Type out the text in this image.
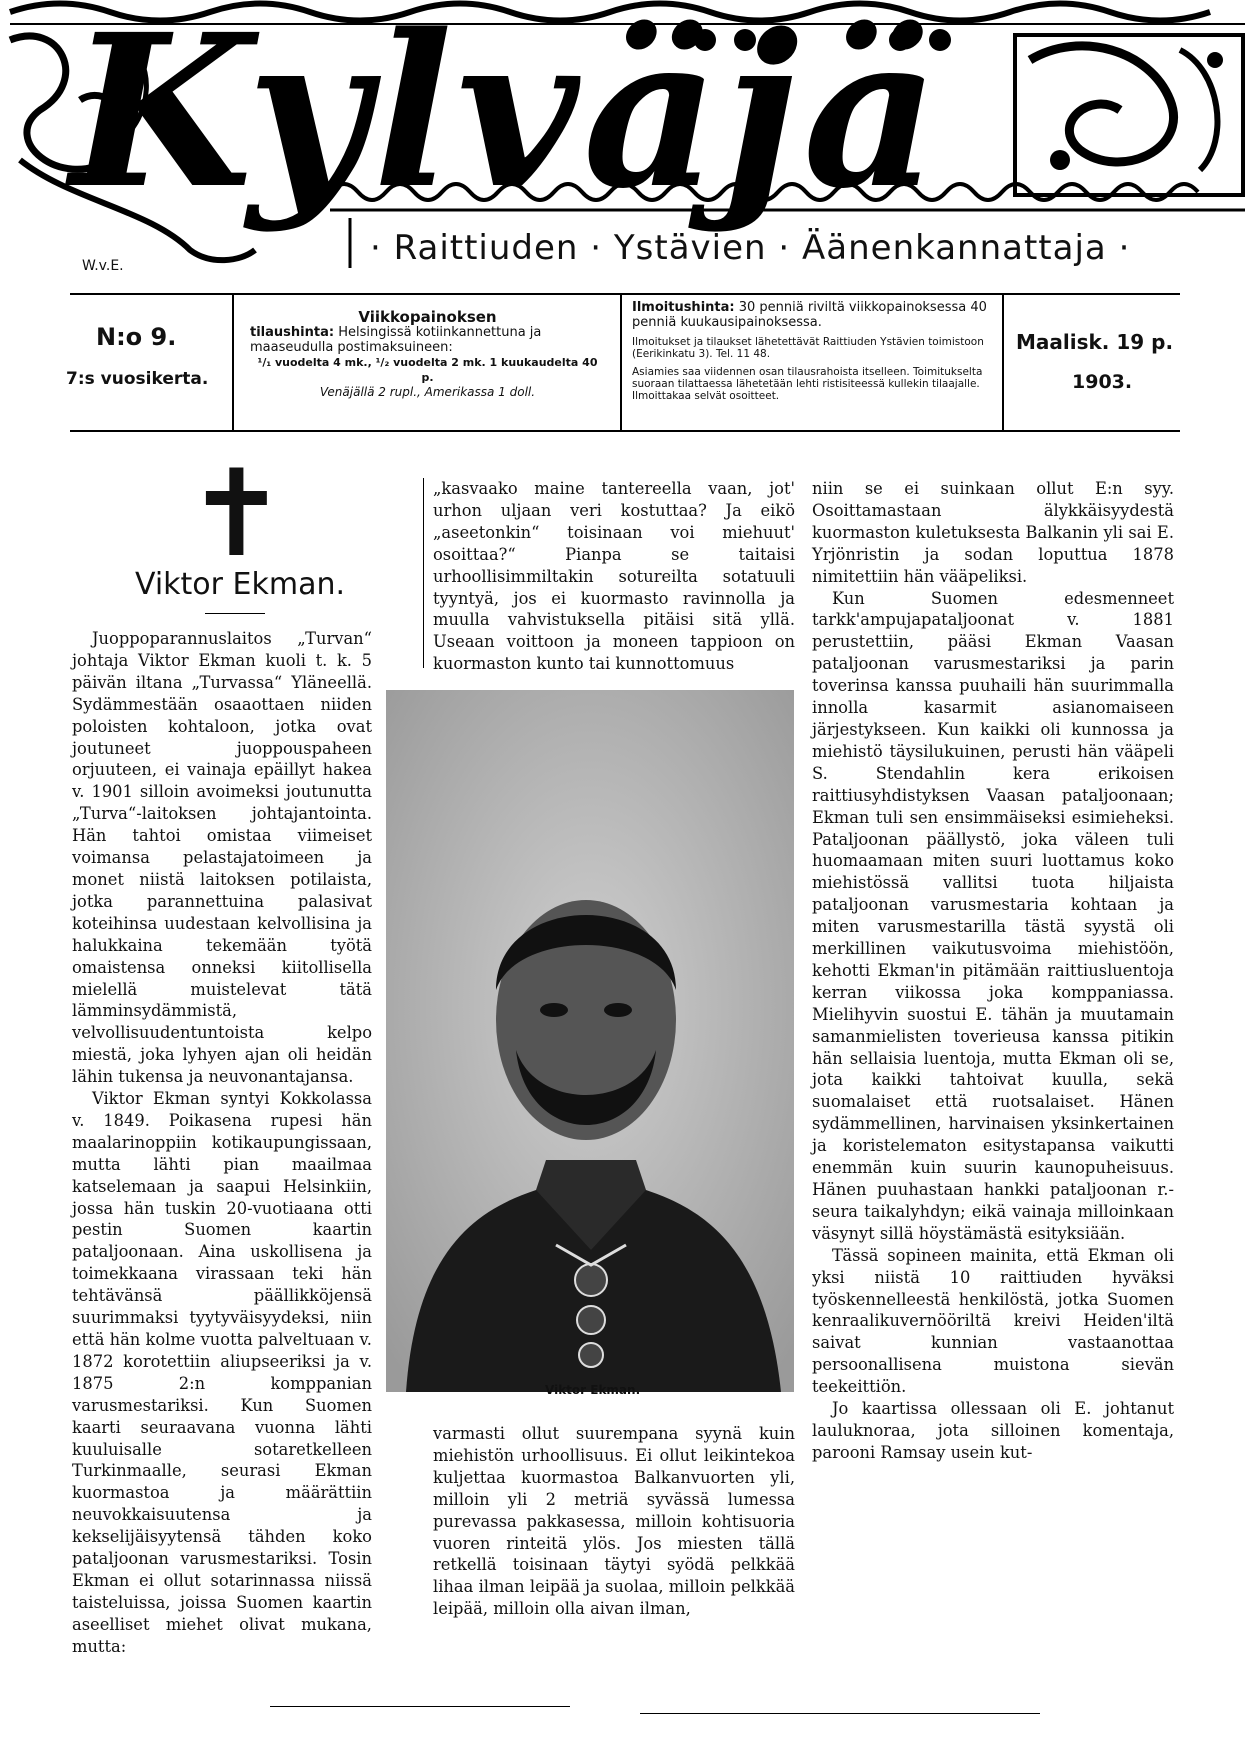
Kylväjä
· Raittiuden · Ystävien · Äänenkannattaja ·
W.v.E.
N:o 9.
7:s vuosikerta.
Viikkopainoksen
tilaushinta: Helsingissä kotiinkannettuna ja maaseudulla postimaksuineen:
¹/₁ vuodelta 4 mk., ¹/₂ vuodelta 2 mk. 1 kuukaudelta 40 p.
Venäjällä 2 rupl., Amerikassa 1 doll.
Ilmoitushinta: 30 penniä riviltä viikkopainoksessa 40 penniä kuukausipainoksessa.
Ilmoitukset ja tilaukset lähetettävät Raittiuden Ystävien toimistoon (Eerikinkatu 3). Tel. 11 48.
Asiamies saa viidennen osan tilausrahoista itselleen. Toimitukselta suoraan tilattaessa lähetetään lehti ristisiteessä kullekin tilaajalle. Ilmoittakaa selvät osoitteet.
Maalisk. 19 p.
1903.
✝
Viktor Ekman.

Juoppoparannuslaitos „Turvan“ johtaja Viktor Ekman kuoli t. k. 5 päivän iltana „Turvassa“ Yläneellä. Sydämmestään osaaottaen niiden poloisten kohtaloon, jotka ovat joutuneet juoppouspaheen orjuuteen, ei vainaja epäillyt hakea v. 1901 silloin avoimeksi joutunutta „Turva“-laitoksen johtajantointa. Hän tahtoi omistaa viimeiset voimansa pelastajatoimeen ja monet niistä laitoksen potilaista, jotka parannettuina palasivat koteihinsa uudestaan kelvollisina ja halukkaina tekemään työtä omaistensa onneksi kiitollisella mielellä muistelevat tätä lämminsydämmistä, velvollisuudentuntoista kelpo miestä, joka lyhyen ajan oli heidän lähin tukensa ja neuvonantajansa.

Viktor Ekman syntyi Kokkolassa v. 1849. Poikasena rupesi hän maalarinoppiin kotikaupungissaan, mutta lähti pian maailmaa katselemaan ja saapui Helsinkiin, jossa hän tuskin 20-vuotiaana otti pestin Suomen kaartin pataljoonaan. Aina uskollisena ja toimekkaana virassaan teki hän tehtävänsä päällikköjensä suurimmaksi tyytyväisyydeksi, niin että hän kolme vuotta palveltuaan v. 1872 korotettiin aliupseeriksi ja v. 1875 2:n komppanian varusmestariksi. Kun Suomen kaarti seuraavana vuonna lähti kuuluisalle sotaretkelleen Turkinmaalle, seurasi Ekman kuormastoa ja määrättiin neuvokkaisuutensa ja kekselijäisyytensä tähden koko pataljoonan varusmestariksi. Tosin Ekman ei ollut sotarinnassa niissä taisteluissa, joissa Suomen kaartin aseelliset miehet olivat mukana, mutta:

„kasvaako maine tantereella vaan, jot' urhon uljaan veri kostuttaa? Ja eikö „aseetonkin“ toisinaan voi miehuut' osoittaa?“ Pianpa se taitaisi urhoollisimmiltakin sotureilta sotatuuli tyyntyä, jos ei kuormasto ravinnolla ja muulla vahvistuksella pitäisi sitä yllä. Useaan voittoon ja moneen tappioon on kuormaston kunto tai kunnottomuus

Viktor Ekman.

varmasti ollut suurempana syynä kuin miehistön urhoollisuus. Ei ollut leikintekoa kuljettaa kuormastoa Balkanvuorten yli, milloin yli 2 metriä syvässä lumessa purevassa pakkasessa, milloin kohtisuoria vuoren rinteitä ylös. Jos miesten tällä retkellä toisinaan täytyi syödä pelkkää lihaa ilman leipää ja suolaa, milloin pelkkää leipää, milloin olla aivan ilman,

niin se ei suinkaan ollut E:n syy. Osoittamastaan älykkäisyydestä kuormaston kuletuksesta Balkanin yli sai E. Yrjönristin ja sodan loputtua 1878 nimitettiin hän vääpeliksi.

Kun Suomen edesmenneet tarkk'ampujapataljoonat v. 1881 perustettiin, pääsi Ekman Vaasan pataljoonan varusmestariksi ja parin toverinsa kanssa puuhaili hän suurimmalla innolla kasarmit asianomaiseen järjestykseen. Kun kaikki oli kunnossa ja miehistö täysilukuinen, perusti hän vääpeli S. Stendahlin kera erikoisen raittiusyhdistyksen Vaasan pataljoonaan; Ekman tuli sen ensimmäiseksi esimieheksi. Pataljoonan päällystö, joka väleen tuli huomaamaan miten suuri luottamus koko miehistössä vallitsi tuota hiljaista pataljoonan varusmestaria kohtaan ja miten varusmestarilla tästä syystä oli merkillinen vaikutusvoima miehistöön, kehotti Ekman'in pitämään raittiusluentoja kerran viikossa joka komppaniassa. Mielihyvin suostui E. tähän ja muutamain samanmielisten toverieusa kanssa pitikin hän sellaisia luentoja, mutta Ekman oli se, jota kaikki tahtoivat kuulla, sekä suomalaiset että ruotsalaiset. Hänen sydämmellinen, harvinaisen yksinkertainen ja koristelematon esitystapansa vaikutti enemmän kuin suurin kaunopuheisuus. Hänen puuhastaan hankki pataljoonan r.-seura taikalyhdyn; eikä vainaja milloinkaan väsynyt sillä höystämästä esityksiään.

Tässä sopineen mainita, että Ekman oli yksi niistä 10 raittiuden hyväksi työskennelleestä henkilöstä, jotka Suomen kenraalikuvernööriltä kreivi Heiden'iltä saivat kunnian vastaanottaa persoonallisena muistona sievän teekeittiön.

Jo kaartissa ollessaan oli E. johtanut lauluknoraa, jota silloinen komentaja, parooni Ramsay usein kut-
